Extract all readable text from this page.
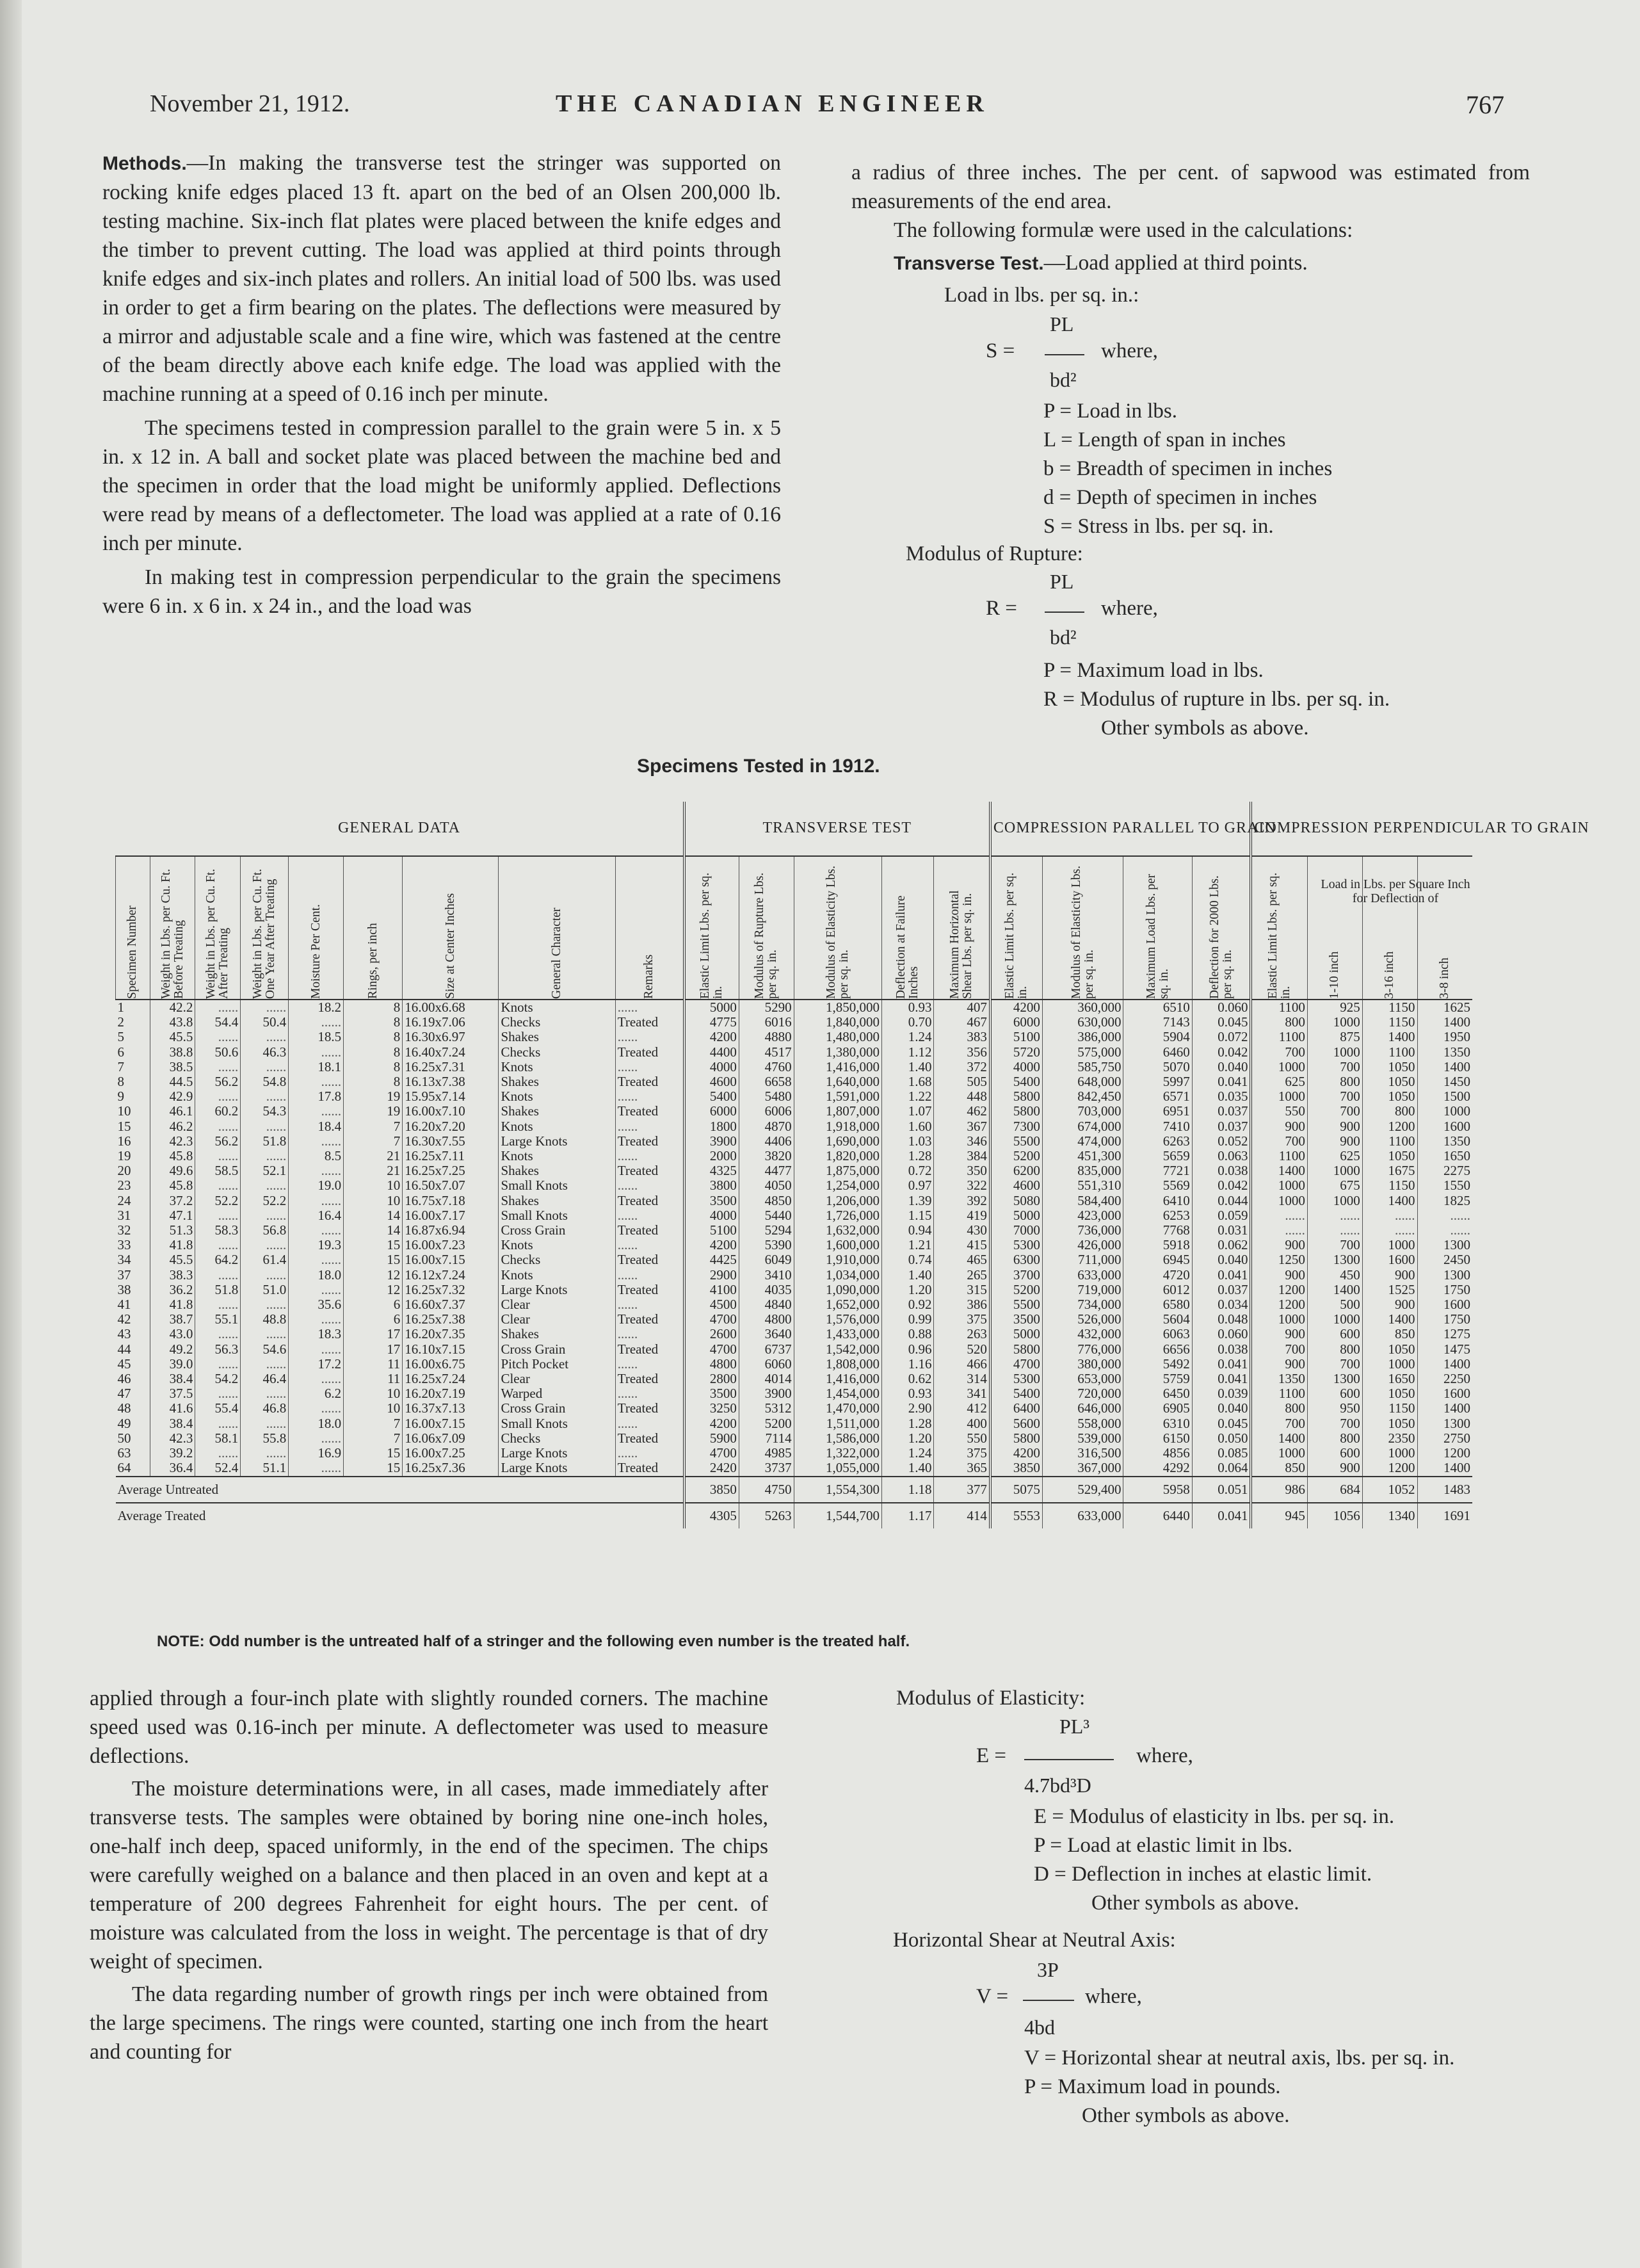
November 21, 1912.	THE CANADIAN ENGINEER	767

Methods.—In making the transverse test the stringer was supported on rocking knife edges placed 13 ft. apart on the bed of an Olsen 200,000 lb. testing machine. Six-inch flat plates were placed between the knife edges and the timber to prevent cutting. The load was applied at third points through knife edges and six-inch plates and rollers. An initial load of 500 lbs. was used in order to get a firm bearing on the plates. The deflections were measured by a mirror and adjustable scale and a fine wire, which was fastened at the centre of the beam directly above each knife edge. The load was applied with the machine running at a speed of 0.16 inch per minute.

The specimens tested in compression parallel to the grain were 5 in. x 5 in. x 12 in. A ball and socket plate was placed between the machine bed and the specimen in order that the load might be uniformly applied. Deflections were read by means of a deflectometer. The load was applied at a rate of 0.16 inch per minute.

In making test in compression perpendicular to the grain the specimens were 6 in. x 6 in. x 24 in., and the load was

a radius of three inches. The per cent. of sapwood was estimated from measurements of the end area.

The following formulæ were used in the calculations:

Transverse Test.—Load applied at third points.

Load in lbs. per sq. in.:
PL
S =	where,
bd²
P = Load in lbs.
L = Length of span in inches
b = Breadth of specimen in inches
d = Depth of specimen in inches
S = Stress in lbs. per sq. in.
Modulus of Rupture:
PL
R =	where,
bd²
P = Maximum load in lbs.
R = Modulus of rupture in lbs. per sq. in.
Other symbols as above.
Specimens Tested in 1912.
GENERAL DATA									TRANSVERSE TEST					COMPRESSION PARALLEL TO GRAIN				COMPRESSION PERPENDICULAR TO GRAIN			

Specimen Number	Weight in Lbs. per Cu. Ft. Before Treating	Weight in Lbs. per Cu. Ft. After Treating	Weight in Lbs. per Cu. Ft. One Year After Treating	Moisture Per Cent.	Rings, per inch	Size at Center Inches	General Character	Remarks	Elastic Limit Lbs. per sq. in.	Modulus of Rupture Lbs. per sq. in.	Modulus of Elasticity Lbs. per sq. in.	Deflection at Failure Inches	Maximum Horizontal Shear Lbs. per sq. in.	Elastic Limit Lbs. per sq. in.	Modulus of Elasticity Lbs. per sq. in.	Maximum Load Lbs. per sq. in.	Deflection for 2000 Lbs. per sq. in.	Elastic Limit Lbs. per sq. in.	1-10 inch	3-16 inch	3-8 inch

1	42.2	......	......	18.2	8	16.00x6.68	Knots	......	5000	5290	1,850,000	0.93	407	4200	360,000	6510	0.060	1100	925	1150	1625
2	43.8	54.4	50.4	......	8	16.19x7.06	Checks	Treated	4775	6016	1,840,000	0.70	467	6000	630,000	7143	0.045	800	1000	1150	1400
5	45.5	......	......	18.5	8	16.30x6.97	Shakes	......	4200	4880	1,480,000	1.24	383	5100	386,000	5904	0.072	1100	875	1400	1950
6	38.8	50.6	46.3	......	8	16.40x7.24	Checks	Treated	4400	4517	1,380,000	1.12	356	5720	575,000	6460	0.042	700	1000	1100	1350
7	38.5	......	......	18.1	8	16.25x7.31	Knots	......	4000	4760	1,416,000	1.40	372	4000	585,750	5070	0.040	1000	700	1050	1400
8	44.5	56.2	54.8	......	8	16.13x7.38	Shakes	Treated	4600	6658	1,640,000	1.68	505	5400	648,000	5997	0.041	625	800	1050	1450
9	42.9	......	......	17.8	19	15.95x7.14	Knots	......	5400	5480	1,591,000	1.22	448	5800	842,450	6571	0.035	1000	700	1050	1500
10	46.1	60.2	54.3	......	19	16.00x7.10	Shakes	Treated	6000	6006	1,807,000	1.07	462	5800	703,000	6951	0.037	550	700	800	1000
15	46.2	......	......	18.4	7	16.20x7.20	Knots	......	1800	4870	1,918,000	1.60	367	7300	674,000	7410	0.037	900	900	1200	1600
16	42.3	56.2	51.8	......	7	16.30x7.55	Large Knots	Treated	3900	4406	1,690,000	1.03	346	5500	474,000	6263	0.052	700	900	1100	1350
19	45.8	......	......	8.5	21	16.25x7.11	Knots	......	2000	3820	1,820,000	1.28	384	5200	451,300	5659	0.063	1100	625	1050	1650
20	49.6	58.5	52.1	......	21	16.25x7.25	Shakes	Treated	4325	4477	1,875,000	0.72	350	6200	835,000	7721	0.038	1400	1000	1675	2275
23	45.8	......	......	19.0	10	16.50x7.07	Small Knots	......	3800	4050	1,254,000	0.97	322	4600	551,310	5569	0.042	1000	675	1150	1550
24	37.2	52.2	52.2	......	10	16.75x7.18	Shakes	Treated	3500	4850	1,206,000	1.39	392	5080	584,400	6410	0.044	1000	1000	1400	1825
31	47.1	......	......	16.4	14	16.00x7.17	Small Knots	......	4000	5440	1,726,000	1.15	419	5000	423,000	6253	0.059	......	......	......	......
32	51.3	58.3	56.8	......	14	16.87x6.94	Cross Grain	Treated	5100	5294	1,632,000	0.94	430	7000	736,000	7768	0.031	......	......	......	......
33	41.8	......	......	19.3	15	16.00x7.23	Knots	......	4200	5390	1,600,000	1.21	415	5300	426,000	5918	0.062	900	700	1000	1300
34	45.5	64.2	61.4	......	15	16.00x7.15	Checks	Treated	4425	6049	1,910,000	0.74	465	6300	711,000	6945	0.040	1250	1300	1600	2450
37	38.3	......	......	18.0	12	16.12x7.24	Knots	......	2900	3410	1,034,000	1.40	265	3700	633,000	4720	0.041	900	450	900	1300
38	36.2	51.8	51.0	......	12	16.25x7.32	Large Knots	Treated	4100	4035	1,090,000	1.20	315	5200	719,000	6012	0.037	1200	1400	1525	1750
41	41.8	......	......	35.6	6	16.60x7.37	Clear	......	4500	4840	1,652,000	0.92	386	5500	734,000	6580	0.034	1200	500	900	1600
42	38.7	55.1	48.8	......	6	16.25x7.38	Clear	Treated	4700	4800	1,576,000	0.99	375	3500	526,000	5604	0.048	1000	1000	1400	1750
43	43.0	......	......	18.3	17	16.20x7.35	Shakes	......	2600	3640	1,433,000	0.88	263	5000	432,000	6063	0.060	900	600	850	1275
44	49.2	56.3	54.6	......	17	16.10x7.15	Cross Grain	Treated	4700	6737	1,542,000	0.96	520	5800	776,000	6656	0.038	700	800	1050	1475
45	39.0	......	......	17.2	11	16.00x6.75	Pitch Pocket	......	4800	6060	1,808,000	1.16	466	4700	380,000	5492	0.041	900	700	1000	1400
46	38.4	54.2	46.4	......	11	16.25x7.24	Clear	Treated	2800	4014	1,416,000	0.62	314	5300	653,000	5759	0.041	1350	1300	1650	2250
47	37.5	......	......	6.2	10	16.20x7.19	Warped	......	3500	3900	1,454,000	0.93	341	5400	720,000	6450	0.039	1100	600	1050	1600
48	41.6	55.4	46.8	......	10	16.37x7.13	Cross Grain	Treated	3250	5312	1,470,000	2.90	412	6400	646,000	6905	0.040	800	950	1150	1400
49	38.4	......	......	18.0	7	16.00x7.15	Small Knots	......	4200	5200	1,511,000	1.28	400	5600	558,000	6310	0.045	700	700	1050	1300
50	42.3	58.1	55.8	......	7	16.06x7.09	Checks	Treated	5900	7114	1,586,000	1.20	550	5800	539,000	6150	0.050	1400	800	2350	2750
63	39.2	......	......	16.9	15	16.00x7.25	Large Knots	......	4700	4985	1,322,000	1.24	375	4200	316,500	4856	0.085	1000	600	1000	1200
64	36.4	52.4	51.1	......	15	16.25x7.36	Large Knots	Treated	2420	3737	1,055,000	1.40	365	3850	367,000	4292	0.064	850	900	1200	1400
Average Untreated									3850	4750	1,554,300	1.18	377	5075	529,400	5958	0.051	986	684	1052	1483
Average Treated									4305	5263	1,544,700	1.17	414	5553	633,000	6440	0.041	945	1056	1340	1691
Load in Lbs. per Square Inch for Deflection of
NOTE: Odd number is the untreated half of a stringer and the following even number is the treated half.

applied through a four-inch plate with slightly rounded corners. The machine speed used was 0.16-inch per minute. A deflectometer was used to measure deflections.

The moisture determinations were, in all cases, made immediately after transverse tests. The samples were obtained by boring nine one-inch holes, one-half inch deep, spaced uniformly, in the end of the specimen. The chips were carefully weighed on a balance and then placed in an oven and kept at a temperature of 200 degrees Fahrenheit for eight hours. The per cent. of moisture was calculated from the loss in weight. The percentage is that of dry weight of specimen.

The data regarding number of growth rings per inch were obtained from the large specimens. The rings were counted, starting one inch from the heart and counting for

Modulus of Elasticity:
PL³
E =	where,
4.7bd³D
E = Modulus of elasticity in lbs. per sq. in.
P = Load at elastic limit in lbs.
D = Deflection in inches at elastic limit.
Other symbols as above.
Horizontal Shear at Neutral Axis:
3P
V =	where,
4bd
V = Horizontal shear at neutral axis, lbs. per sq. in.
P = Maximum load in pounds.
Other symbols as above.
